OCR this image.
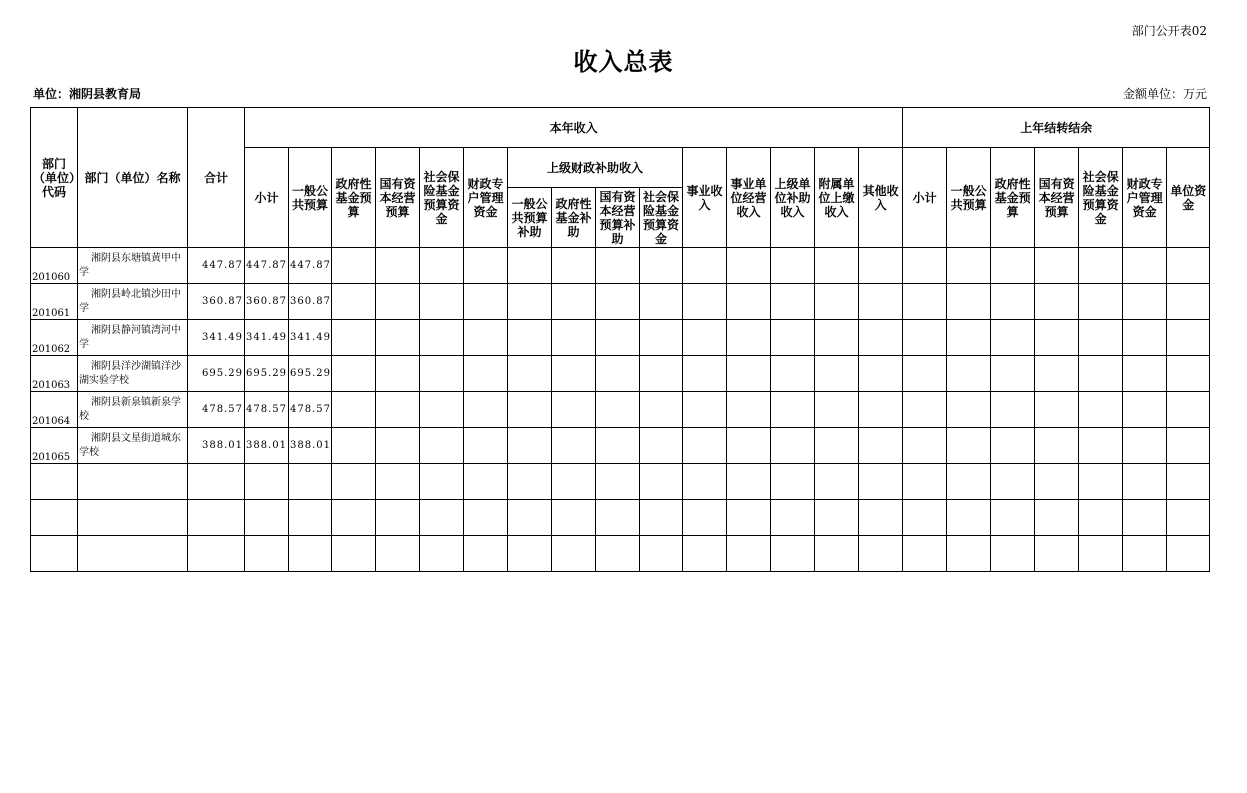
部门公开表02
收入总表
单位：湘阴县教育局	金额单位：万元
部门（单位）代码	部门（单位）名称	合计	本年收入															上年结转结余						
			小计	一般公共预算	政府性基金预算	国有资本经营预算	社会保险基金预算资金	财政专户管理资金	上级财政补助收入				事业收入	事业单位经营收入	上级单位补助收入	附属单位上缴收入	其他收入	小计	一般公共预算	政府性基金预算	国有资本经营预算	社会保险基金预算资金	财政专户管理资金	单位资金
									一般公共预算补助	政府性基金补助	国有资本经营预算补助	社会保险基金预算资金												
201060	湘阴县东塘镇黄甲中学	447.87	447.87	447.87																				
201061	湘阴县岭北镇沙田中学	360.87	360.87	360.87																				
201062	湘阴县静河镇湾河中学	341.49	341.49	341.49																				
201063	湘阴县洋沙湖镇洋沙湖实验学校	695.29	695.29	695.29																				
201064	湘阴县新泉镇新泉学校	478.57	478.57	478.57																				
201065	湘阴县文星街道城东学校	388.01	388.01	388.01																				
